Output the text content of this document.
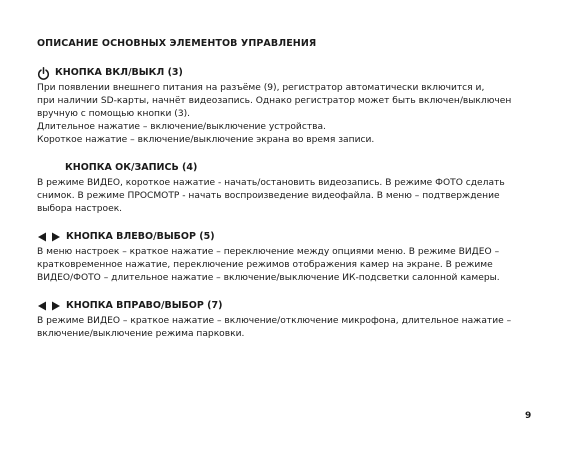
ОПИСАНИЕ ОСНОВНЫХ ЭЛЕМЕНТОВ УПРАВЛЕНИЯ
КНОПКА ВКЛ/ВЫКЛ (3)

При появлении внешнего питания на разъёме (9), регистратор автоматически включится и,

при наличии SD-карты, начнёт видеозапись. Однако регистратор может быть включен/выключен

вручную с помощью кнопки (3).

Длительное нажатие – включение/выключение устройства.

Короткое нажатие – включение/выключение экрана во время записи.

КНОПКА ОК/ЗАПИСЬ (4)

В режиме ВИДЕО, короткое нажатие - начать/остановить видеозапись. В режиме ФОТО сделать

снимок. В режиме ПРОСМОТР - начать воспроизведение видеофайла. В меню – подтверждение

выбора настроек.

КНОПКА ВЛЕВО/ВЫБОР (5)

В меню настроек – краткое нажатие – переключение между опциями меню. В режиме ВИДЕО –

кратковременное нажатие, переключение режимов отображения камер на экране. В режиме

ВИДЕО/ФОТО – длительное нажатие – включение/выключение ИК-подсветки салонной камеры.

КНОПКА ВПРАВО/ВЫБОР (7)

В режиме ВИДЕО – краткое нажатие – включение/отключение микрофона, длительное нажатие –

включение/выключение режима парковки.

9
